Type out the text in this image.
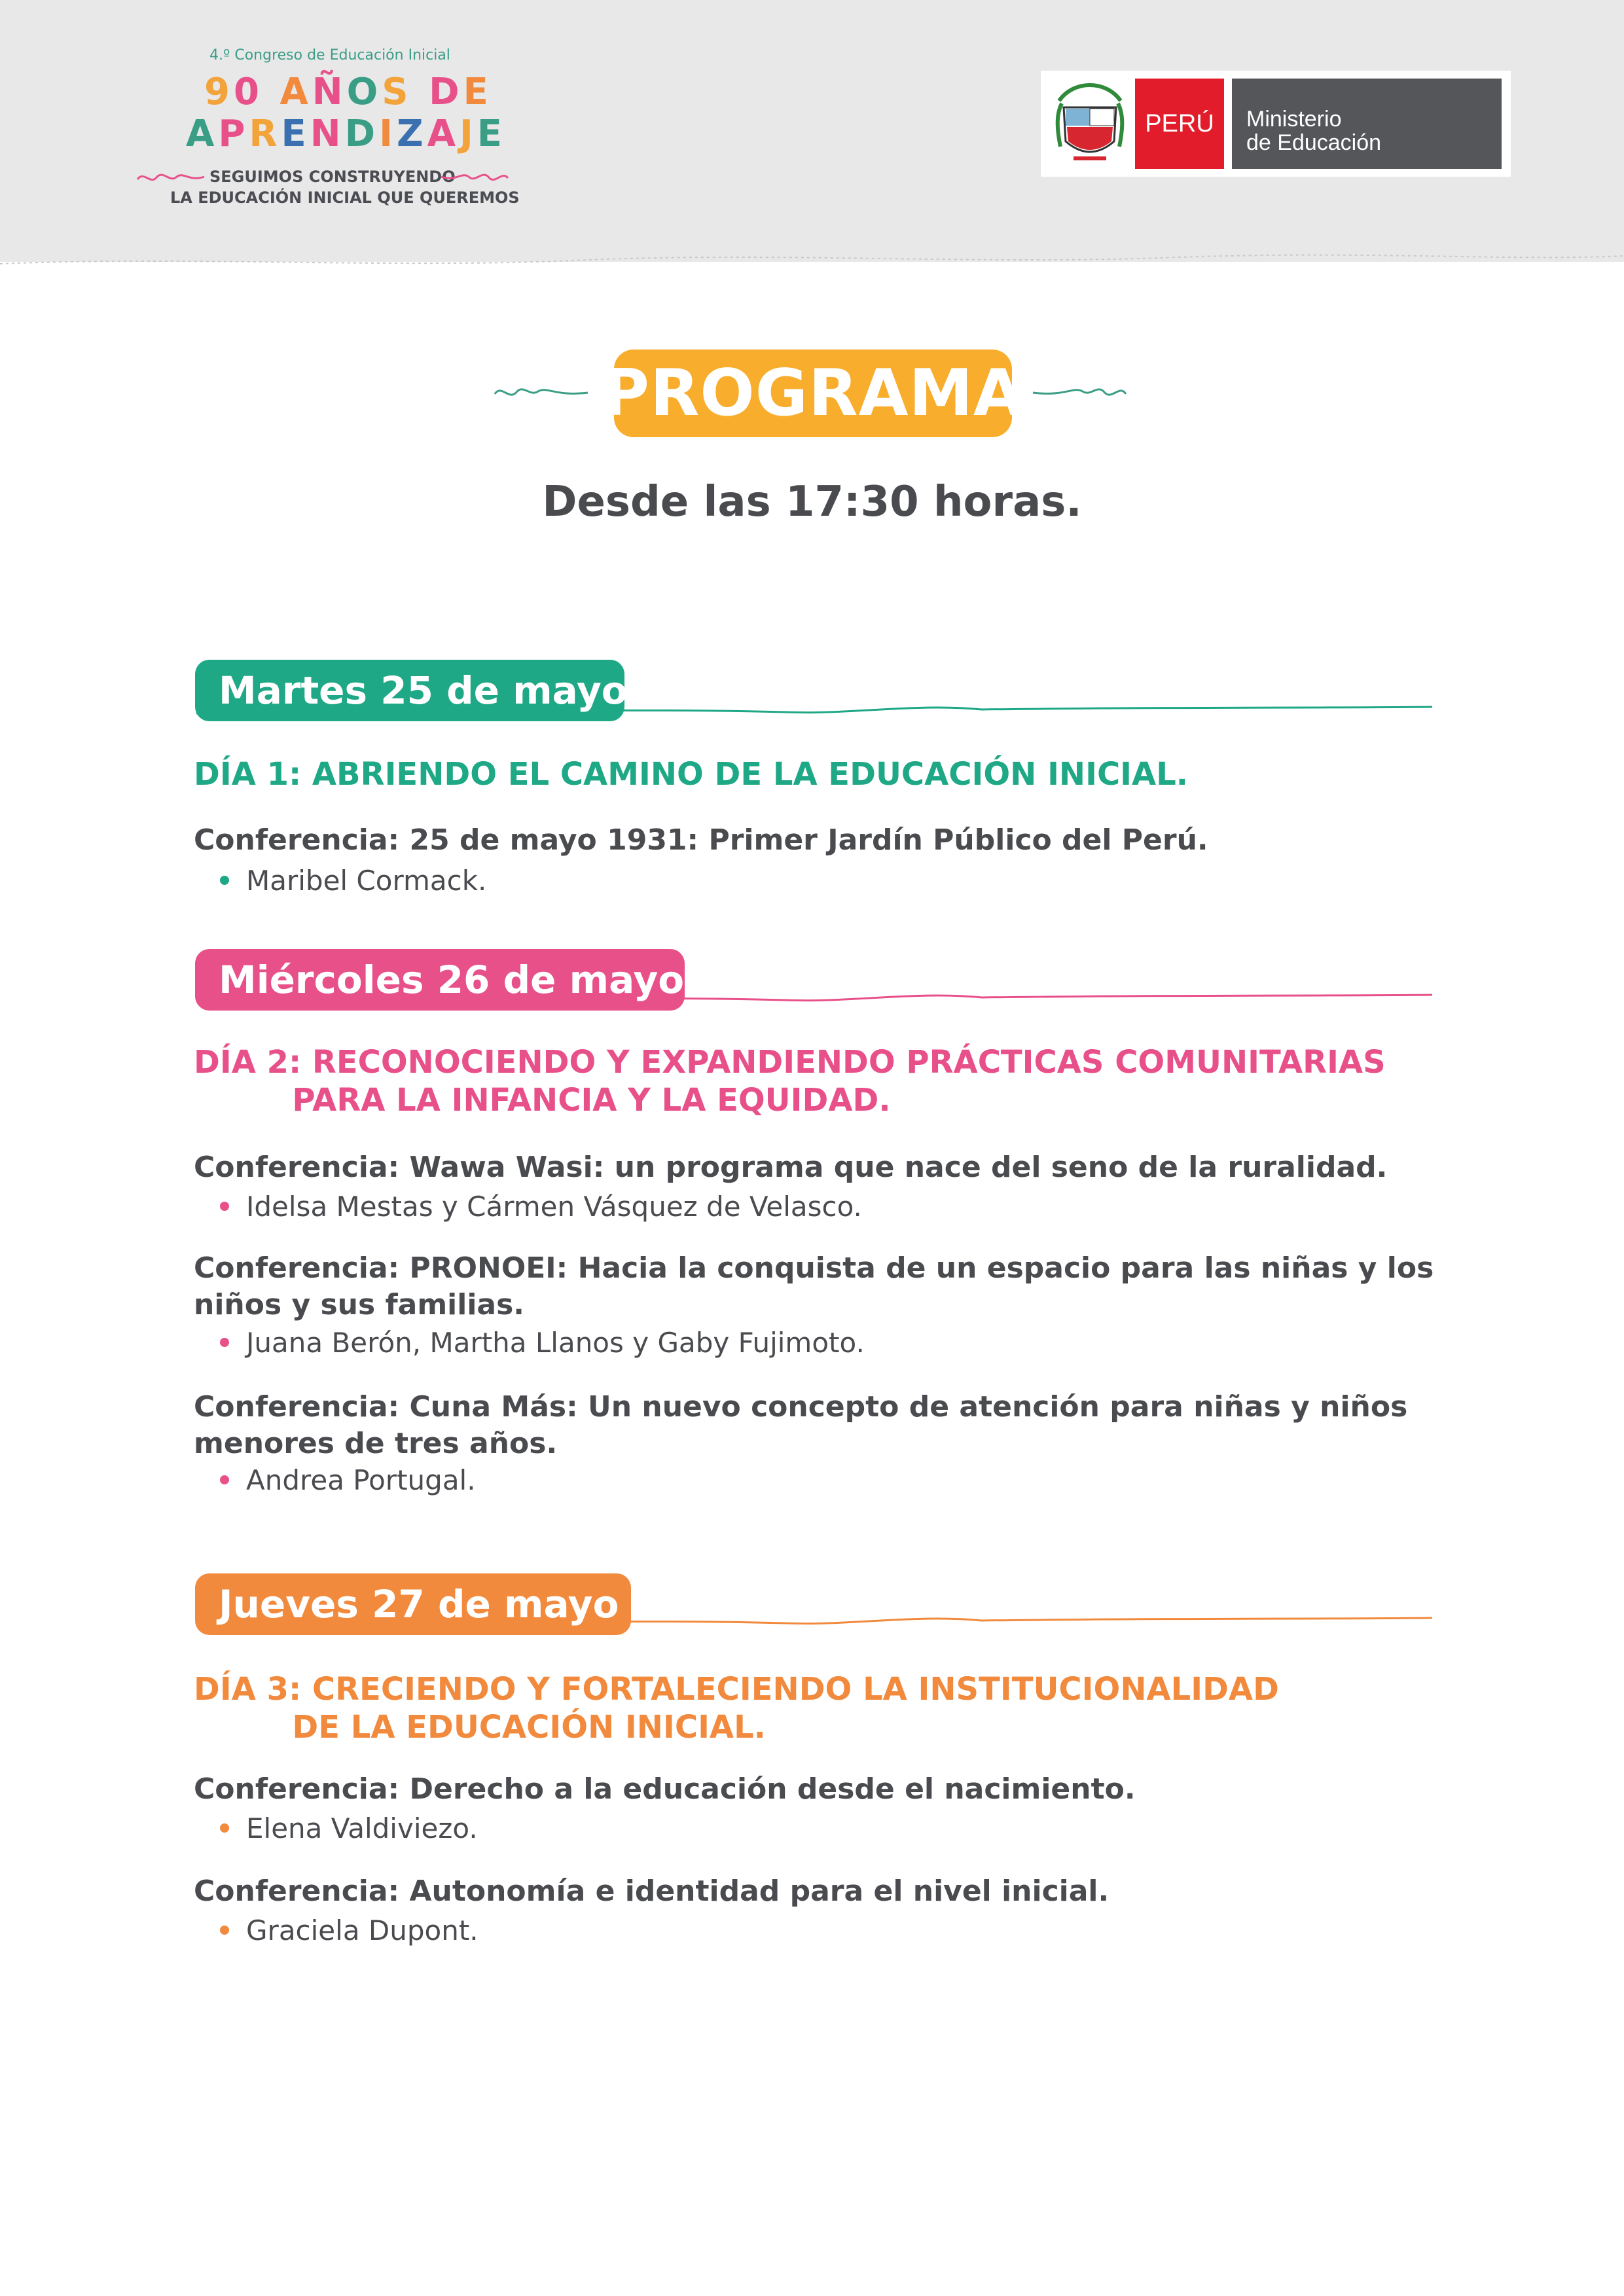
4.º Congreso de Educación Inicial
90 AÑOS DE
APRENDIZAJE
SEGUIMOS CONSTRUYENDO
LA EDUCACIÓN INICIAL QUE QUEREMOS
PERÚ	Ministerio
de Educación
PROGRAMA
Desde las 17:30 horas.
Martes 25 de mayo
DÍA 1: ABRIENDO EL CAMINO DE LA EDUCACIÓN INICIAL.
Conferencia: 25 de mayo 1931: Primer Jardín Público del Perú.
Maribel Cormack.
Miércoles 26 de mayo
DÍA 2: RECONOCIENDO Y EXPANDIENDO PRÁCTICAS COMUNITARIAS
PARA LA INFANCIA Y LA EQUIDAD.
Conferencia: Wawa Wasi: un programa que nace del seno de la ruralidad.
Idelsa Mestas y Cármen Vásquez de Velasco.
Conferencia: PRONOEI: Hacia la conquista de un espacio para las niñas y los niños y sus familias.
Juana Berón, Martha Llanos y Gaby Fujimoto.
Conferencia: Cuna Más: Un nuevo concepto de atención para niñas y niños menores de tres años.
Andrea Portugal.
Jueves 27 de mayo
DÍA 3: CRECIENDO Y FORTALECIENDO LA INSTITUCIONALIDAD
DE LA EDUCACIÓN INICIAL.
Conferencia: Derecho a la educación desde el nacimiento.
Elena Valdiviezo.
Conferencia: Autonomía e identidad para el nivel inicial.
Graciela Dupont.
